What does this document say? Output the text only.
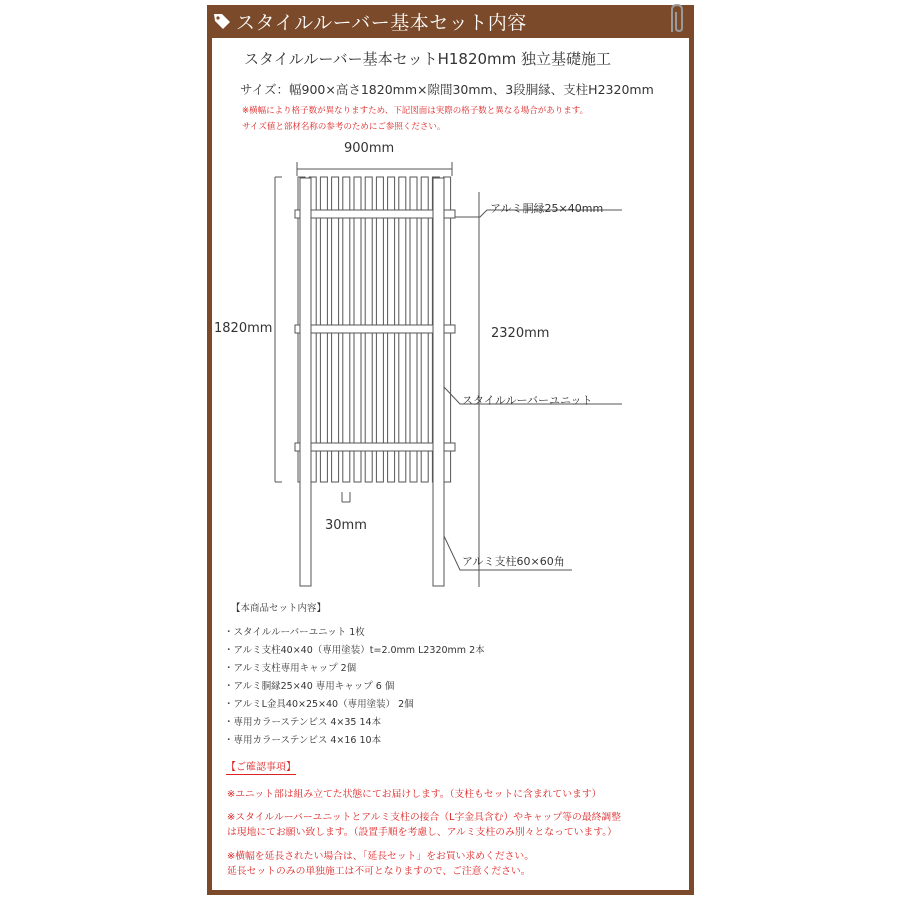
スタイルルーバー基本セット内容
スタイルルーバー基本セットH1820mm 独立基礎施工
サイズ：幅900×高さ1820mm×隙間30mm、3段胴縁、支柱H2320mm
※横幅により格子数が異なりますため、下記図面は実際の格子数と異なる場合があります。
サイズ値と部材名称の参考のためにご参照ください。
900mm
1820mm	2320mm
30mm
アルミ胴縁25×40mm
スタイルルーバーユニット
アルミ支柱60×60角
【本商品セット内容】
・スタイルルーバーユニット 1枚
・アルミ支柱40×40（専用塗装）t=2.0mm L2320mm 2本
・アルミ支柱専用キャップ 2個
・アルミ胴縁25×40 専用キャップ 6 個
・アルミL金具40×25×40（専用塗装） 2個
・専用カラーステンビス 4×35 14本
・専用カラーステンビス 4×16 10本
【ご確認事項】
※ユニット部は組み立てた状態にてお届けします。（支柱もセットに含まれています）
※スタイルルーバーユニットとアルミ支柱の接合（L字金具含む）やキャップ等の最終調整
は現地にてお願い致します。（設置手順を考慮し、アルミ支柱のみ別々となっています。）
※横幅を延長されたい場合は、「延長セット」をお買い求めください。
延長セットのみの単独施工は不可となりますので、ご注意ください。
